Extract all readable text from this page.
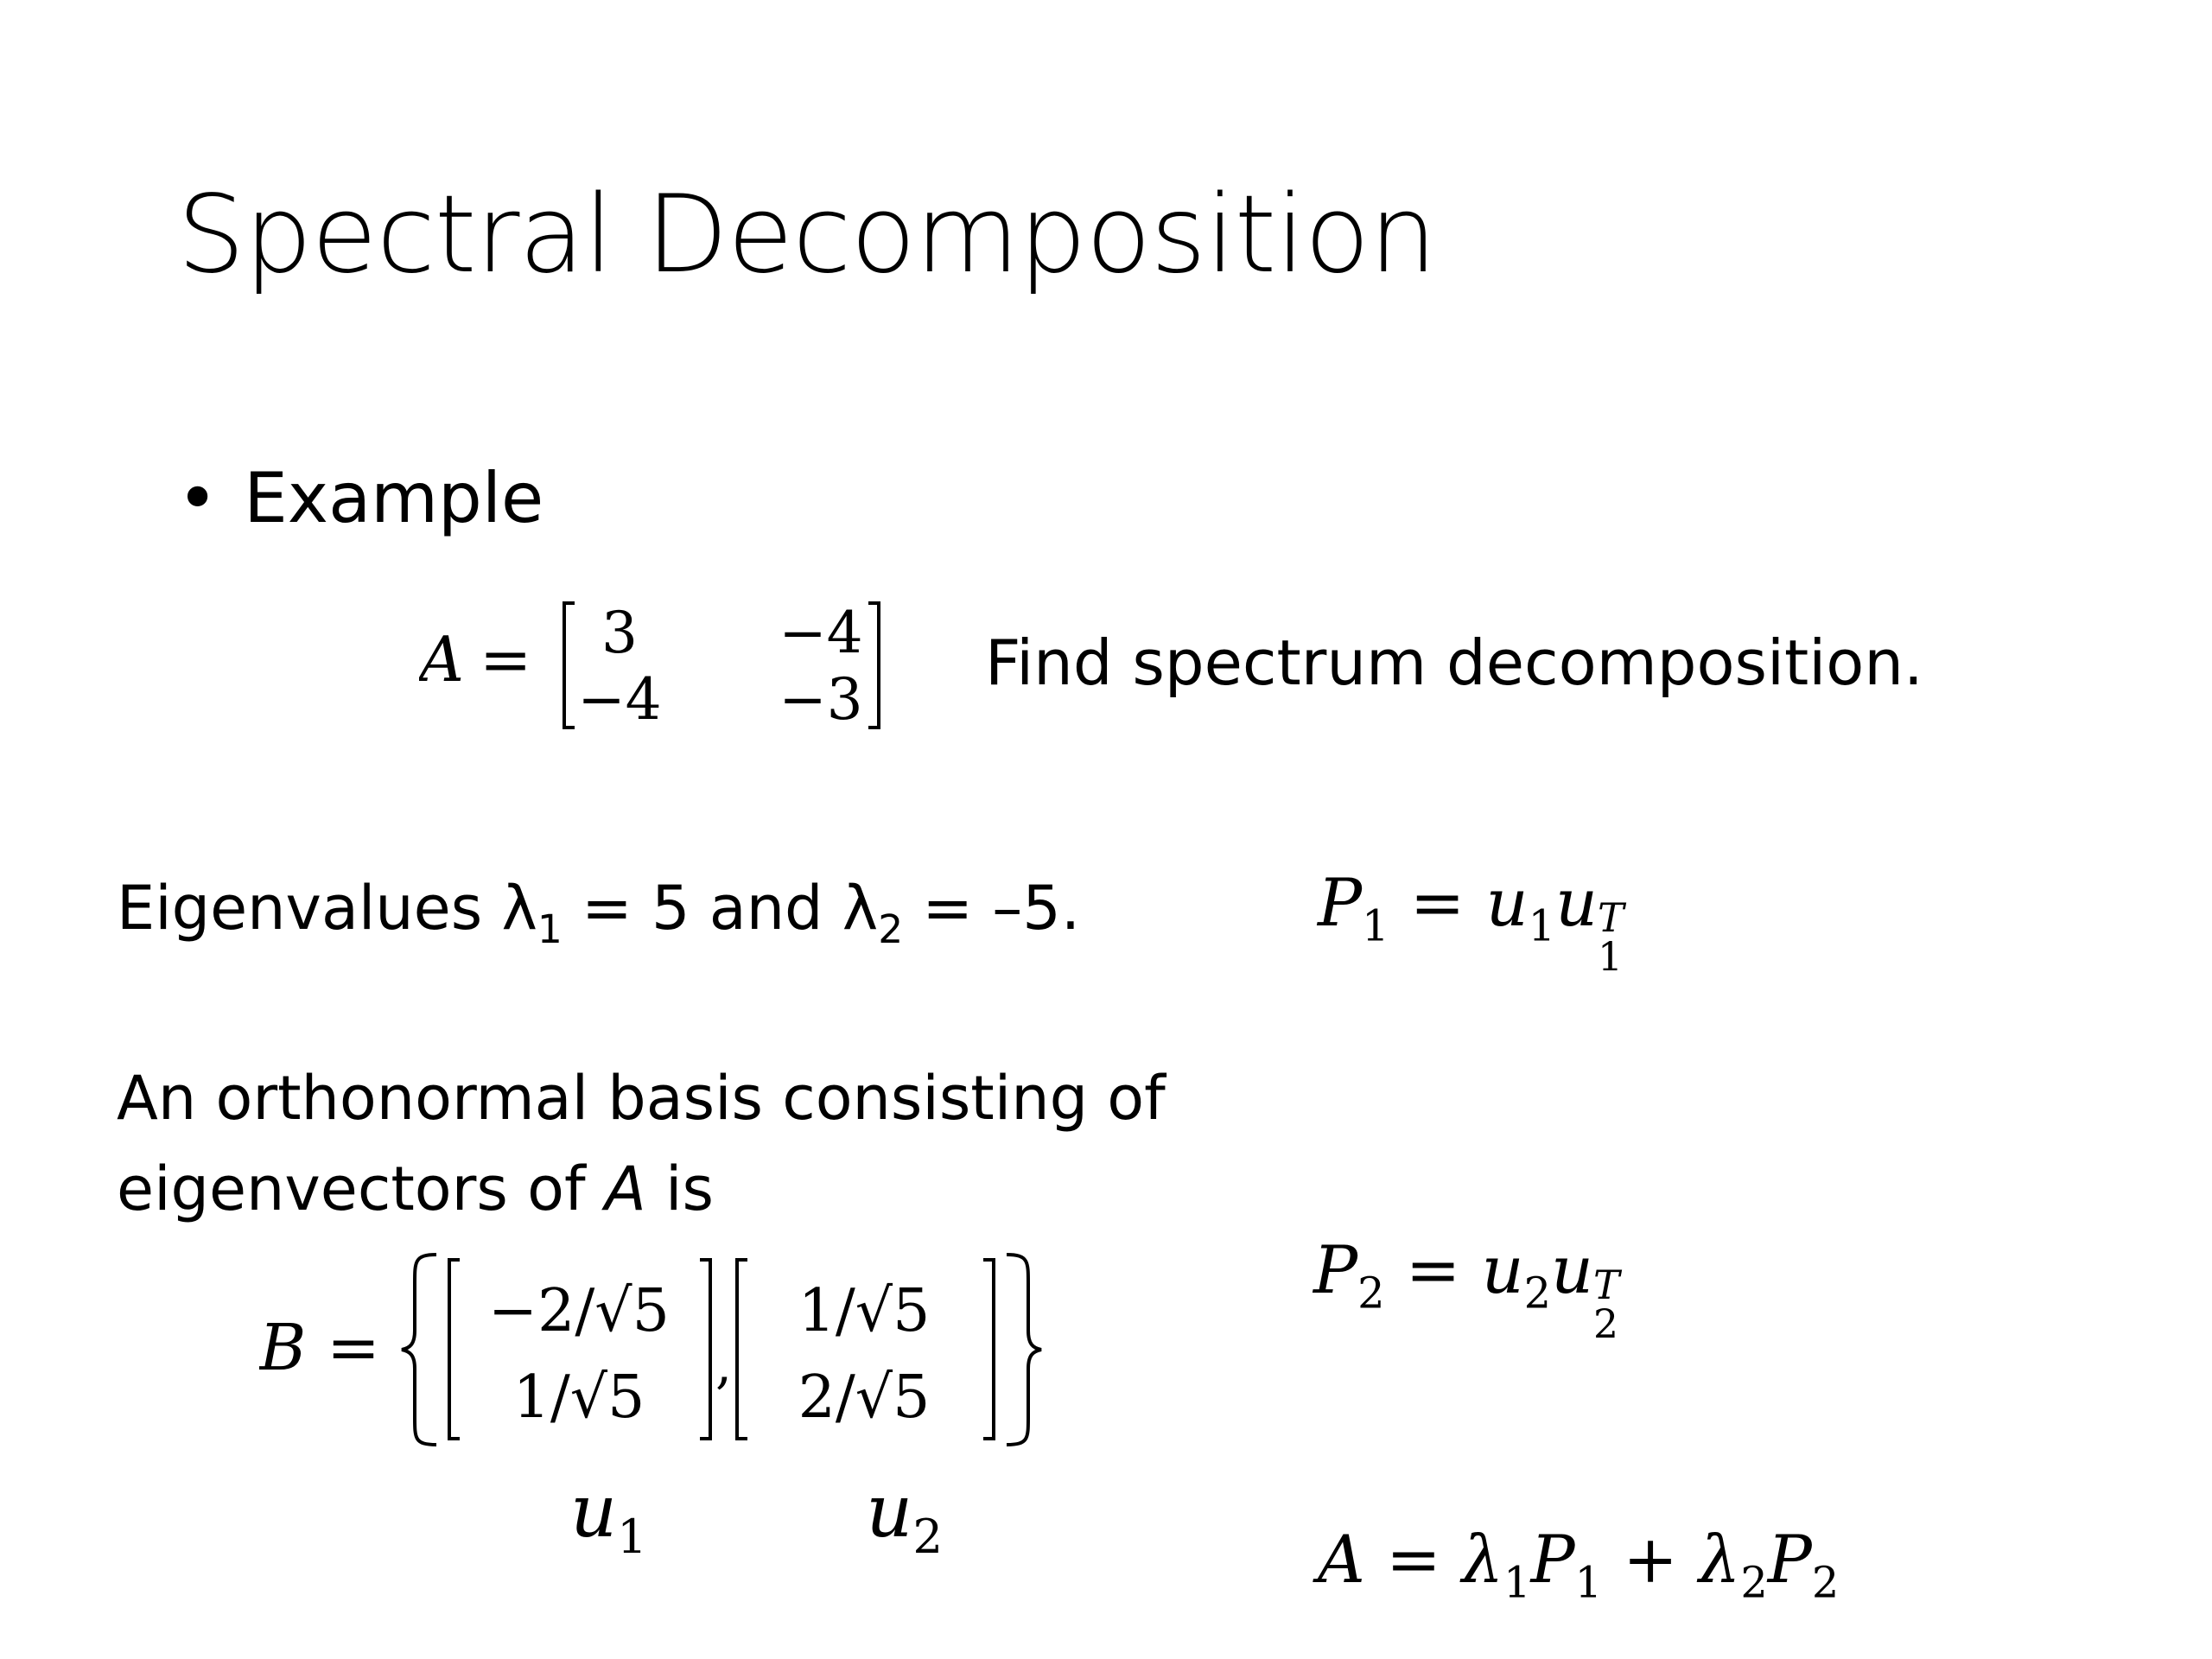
Spectral Decomposition
• Example
A = 3 −4
−4 −3
Find spectrum decomposition.
Eigenvalues $\lambda_1 = 5$ and $\lambda_2 = -5$.	$P_1 = u_1u$ T
1
An orthonormal basis consisting of
eigenvectors of A is
B = −2/√5
1/√5 ,
1/√5
2/√5
$u_1$	$u_2$
$P_2 = u_2u$ T
2
$A = \lambda_1P_1 + \lambda_2P_2$
